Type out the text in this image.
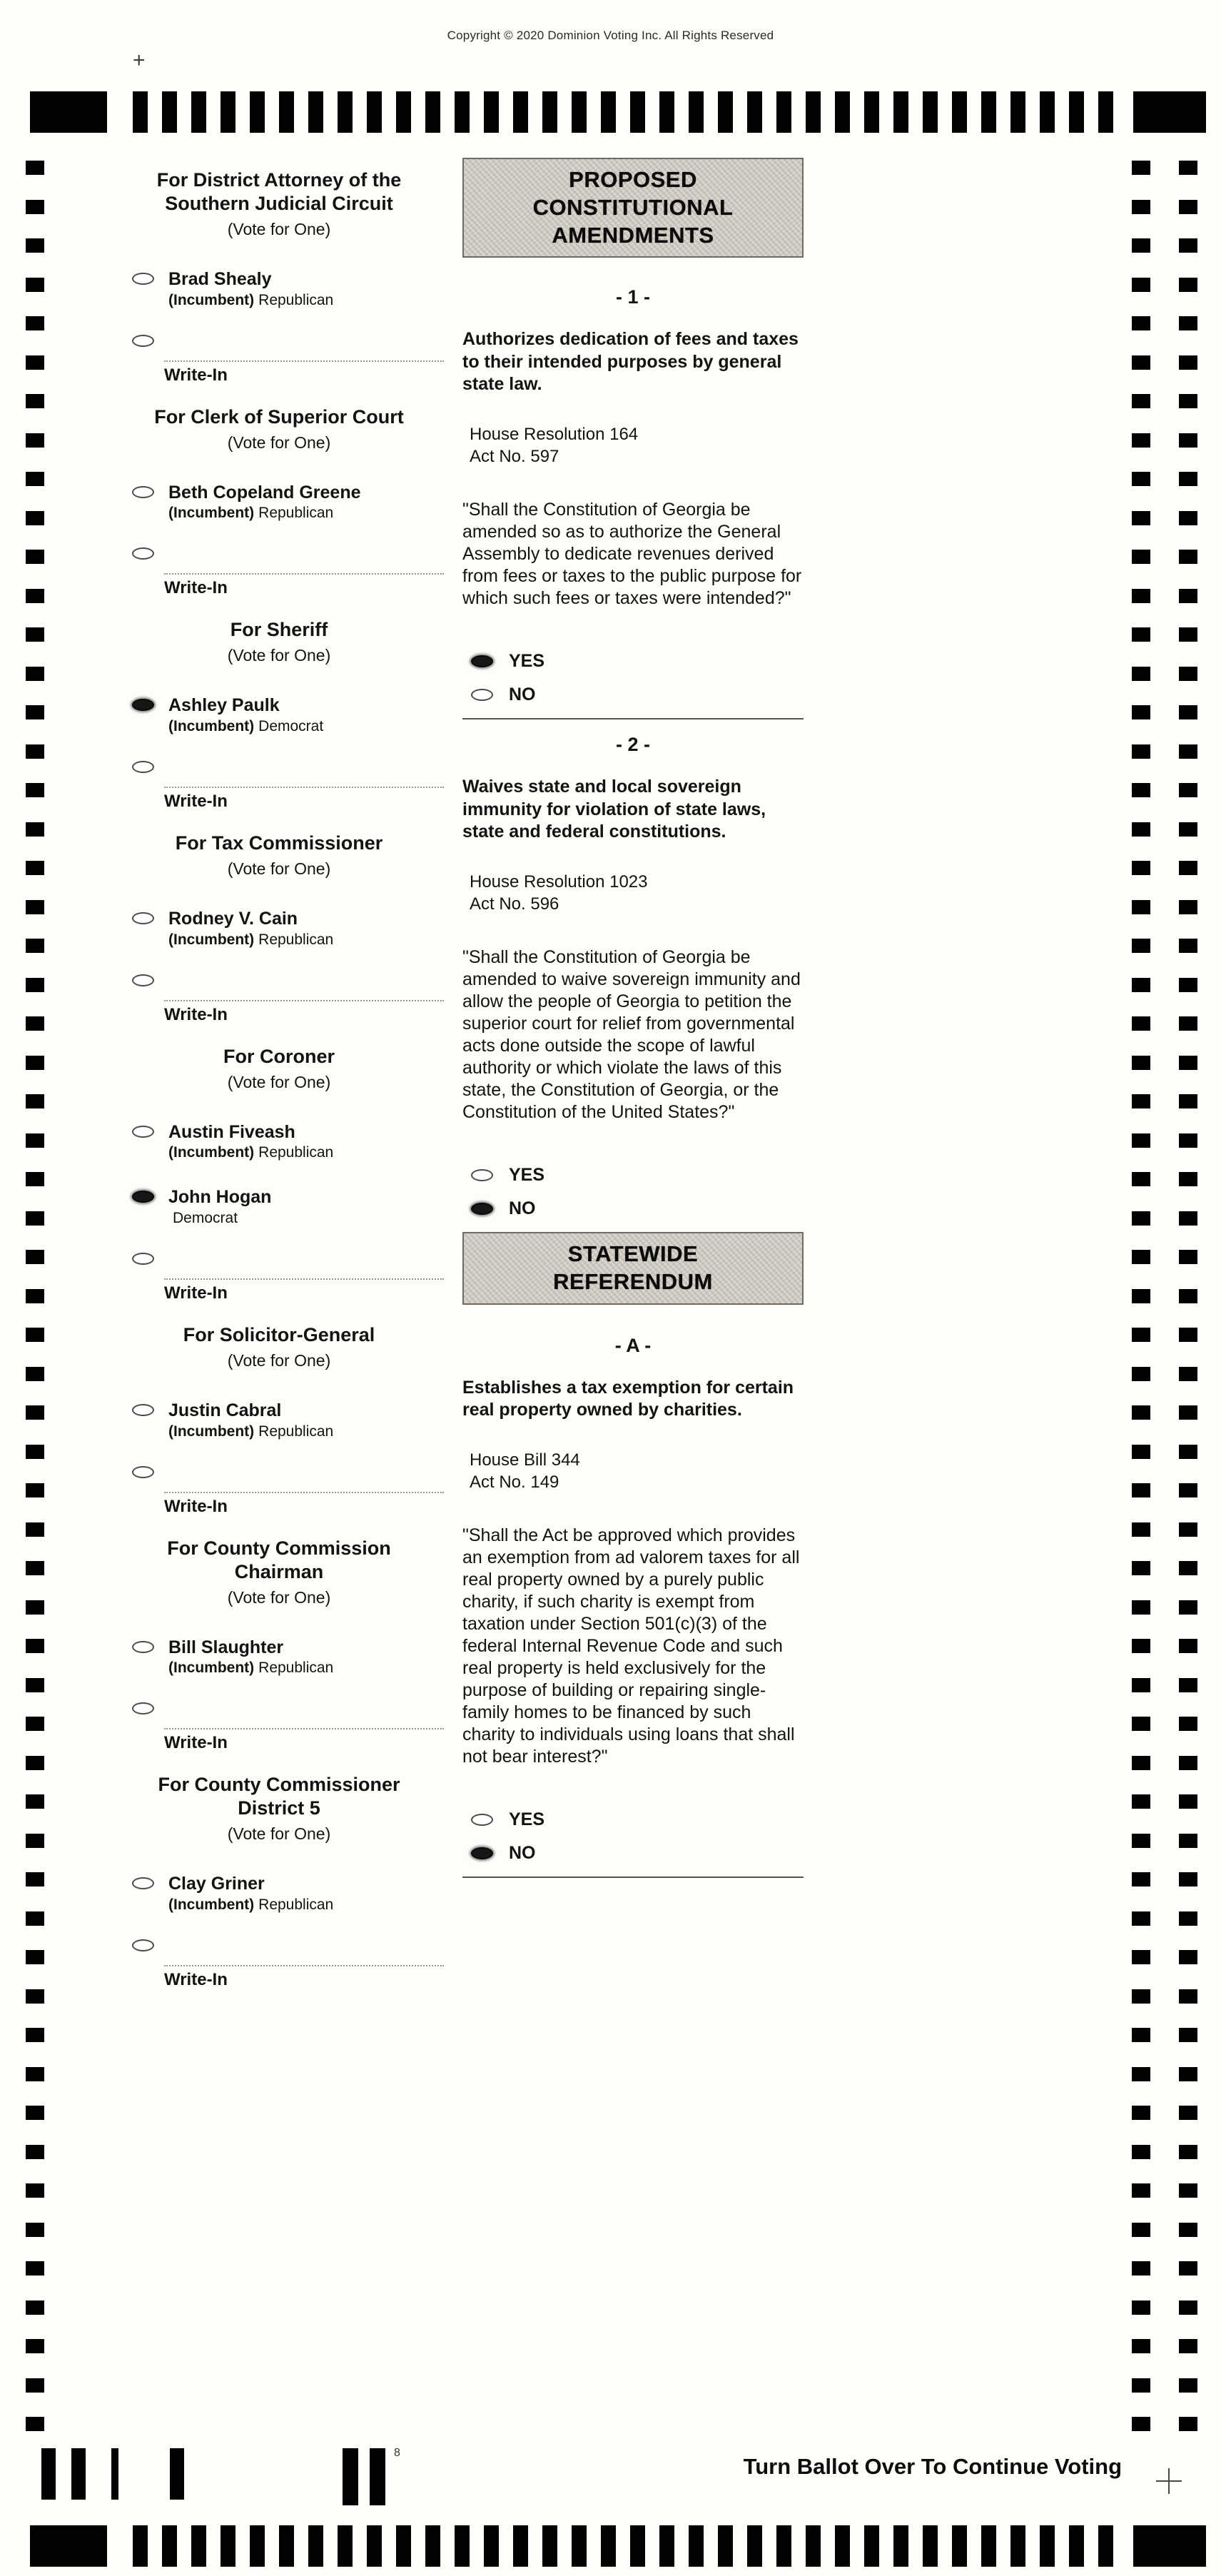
Copyright © 2020 Dominion Voting Inc. All Rights Reserved
+
For District Attorney of the Southern Judicial Circuit
(Vote for One)
Brad Shealy
(Incumbent) Republican
Write-In
For Clerk of Superior Court
(Vote for One)
Beth Copeland Greene
(Incumbent) Republican
Write-In
For Sheriff
(Vote for One)
Ashley Paulk
(Incumbent) Democrat
Write-In
For Tax Commissioner
(Vote for One)
Rodney V. Cain
(Incumbent) Republican
Write-In
For Coroner
(Vote for One)
Austin Fiveash
(Incumbent) Republican
John Hogan
Democrat
Write-In
For Solicitor-General
(Vote for One)
Justin Cabral
(Incumbent) Republican
Write-In
For County Commission Chairman
(Vote for One)
Bill Slaughter
(Incumbent) Republican
Write-In
For County Commissioner District 5
(Vote for One)
Clay Griner
(Incumbent) Republican
Write-In
PROPOSED CONSTITUTIONAL AMENDMENTS
- 1 -

Authorizes dedication of fees and taxes to their intended purposes by general state law.

House Resolution 164
Act No. 597

"Shall the Constitution of Georgia be amended so as to authorize the General Assembly to dedicate revenues derived from fees or taxes to the public purpose for which such fees or taxes were intended?"

YES
NO
- 2 -

Waives state and local sovereign immunity for violation of state laws, state and federal constitutions.

House Resolution 1023
Act No. 596

"Shall the Constitution of Georgia be amended to waive sovereign immunity and allow the people of Georgia to petition the superior court for relief from governmental acts done outside the scope of lawful authority or which violate the laws of this state, the Constitution of Georgia, or the Constitution of the United States?"

YES
NO
STATEWIDE REFERENDUM
- A -

Establishes a tax exemption for certain real property owned by charities.

House Bill 344
Act No. 149

"Shall the Act be approved which provides an exemption from ad valorem taxes for all real property owned by a purely public charity, if such charity is exempt from taxation under Section 501(c)(3) of the federal Internal Revenue Code and such real property is held exclusively for the purpose of building or repairing single-family homes to be financed by such charity to individuals using loans that shall not bear interest?"

YES
NO
8
Turn Ballot Over To Continue Voting
